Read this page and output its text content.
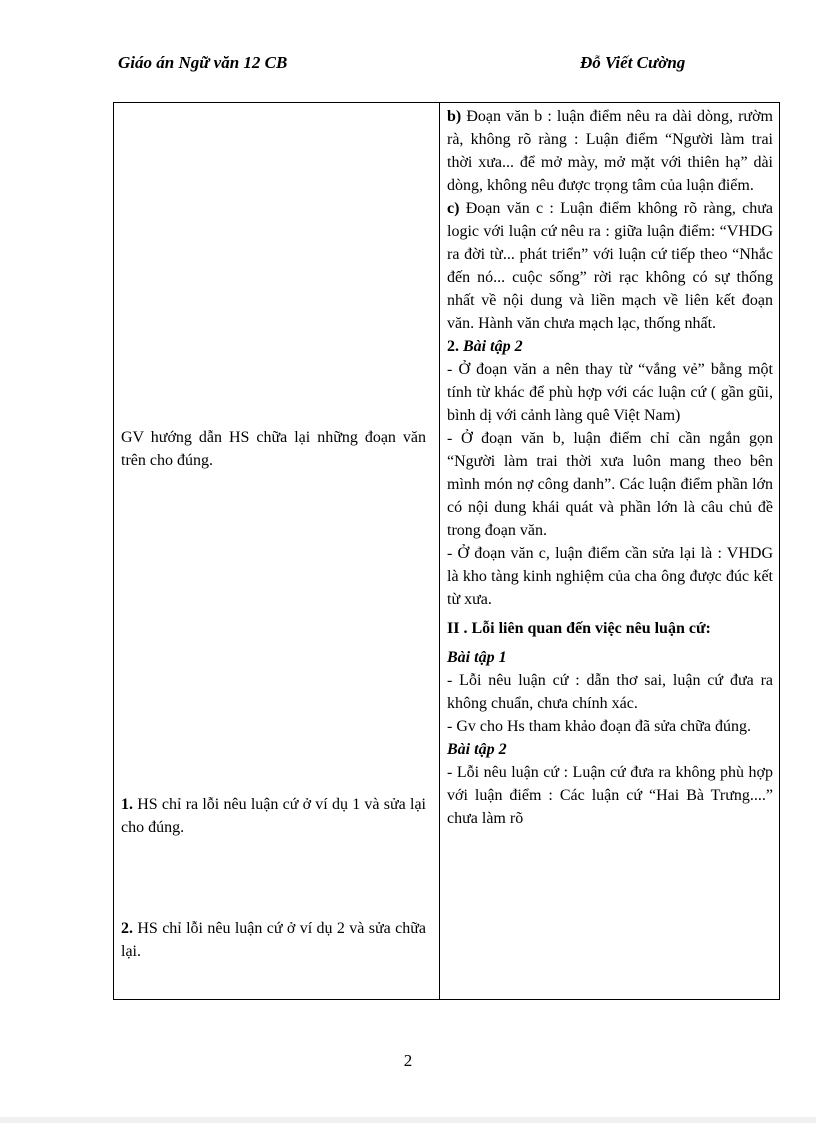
Giáo án Ngữ văn 12 CB	Đỗ Viết Cường

GV hướng dẫn HS chữa lại những đoạn văn trên cho đúng.

1. HS chỉ ra lỗi nêu luận cứ ở ví dụ 1 và sửa lại cho đúng.

2. HS chỉ lỗi nêu luận cứ ở ví dụ 2 và sửa chữa lại.

b) Đoạn văn b : luận điểm nêu ra dài dòng, rườm rà, không rõ ràng : Luận điểm “Người làm trai thời xưa... để mở mày, mở mặt với thiên hạ” dài dòng, không nêu được trọng tâm của luận điểm.

c) Đoạn văn c : Luận điểm không rõ ràng, chưa logic với luận cứ nêu ra : giữa luận điểm: “VHDG ra đời từ... phát triển” với luận cứ tiếp theo “Nhắc đến nó... cuộc sống” rời rạc không có sự thống nhất về nội dung và liền mạch về liên kết đoạn văn. Hành văn chưa mạch lạc, thống nhất.

2. Bài tập 2

- Ở đoạn văn a nên thay từ “vắng vẻ” bằng một tính từ khác để phù hợp với các luận cứ ( gần gũi, bình dị với cảnh làng quê Việt Nam)

- Ở đoạn văn b, luận điểm chỉ cần ngắn gọn “Người làm trai thời xưa luôn mang theo bên mình món nợ công danh”. Các luận điểm phần lớn có nội dung khái quát và phần lớn là câu chủ đề trong đoạn văn.

- Ở đoạn văn c, luận điểm cần sửa lại là : VHDG là kho tàng kinh nghiệm của cha ông được đúc kết từ xưa.

II . Lỗi liên quan đến việc nêu luận cứ:

Bài tập 1

- Lỗi nêu luận cứ : dẫn thơ sai, luận cứ đưa ra không chuẩn, chưa chính xác.

- Gv cho Hs tham khảo đoạn đã sửa chữa đúng.

Bài tập 2

- Lỗi nêu luận cứ : Luận cứ đưa ra không phù hợp với luận điểm : Các luận cứ “Hai Bà Trưng....” chưa làm rõ

2
